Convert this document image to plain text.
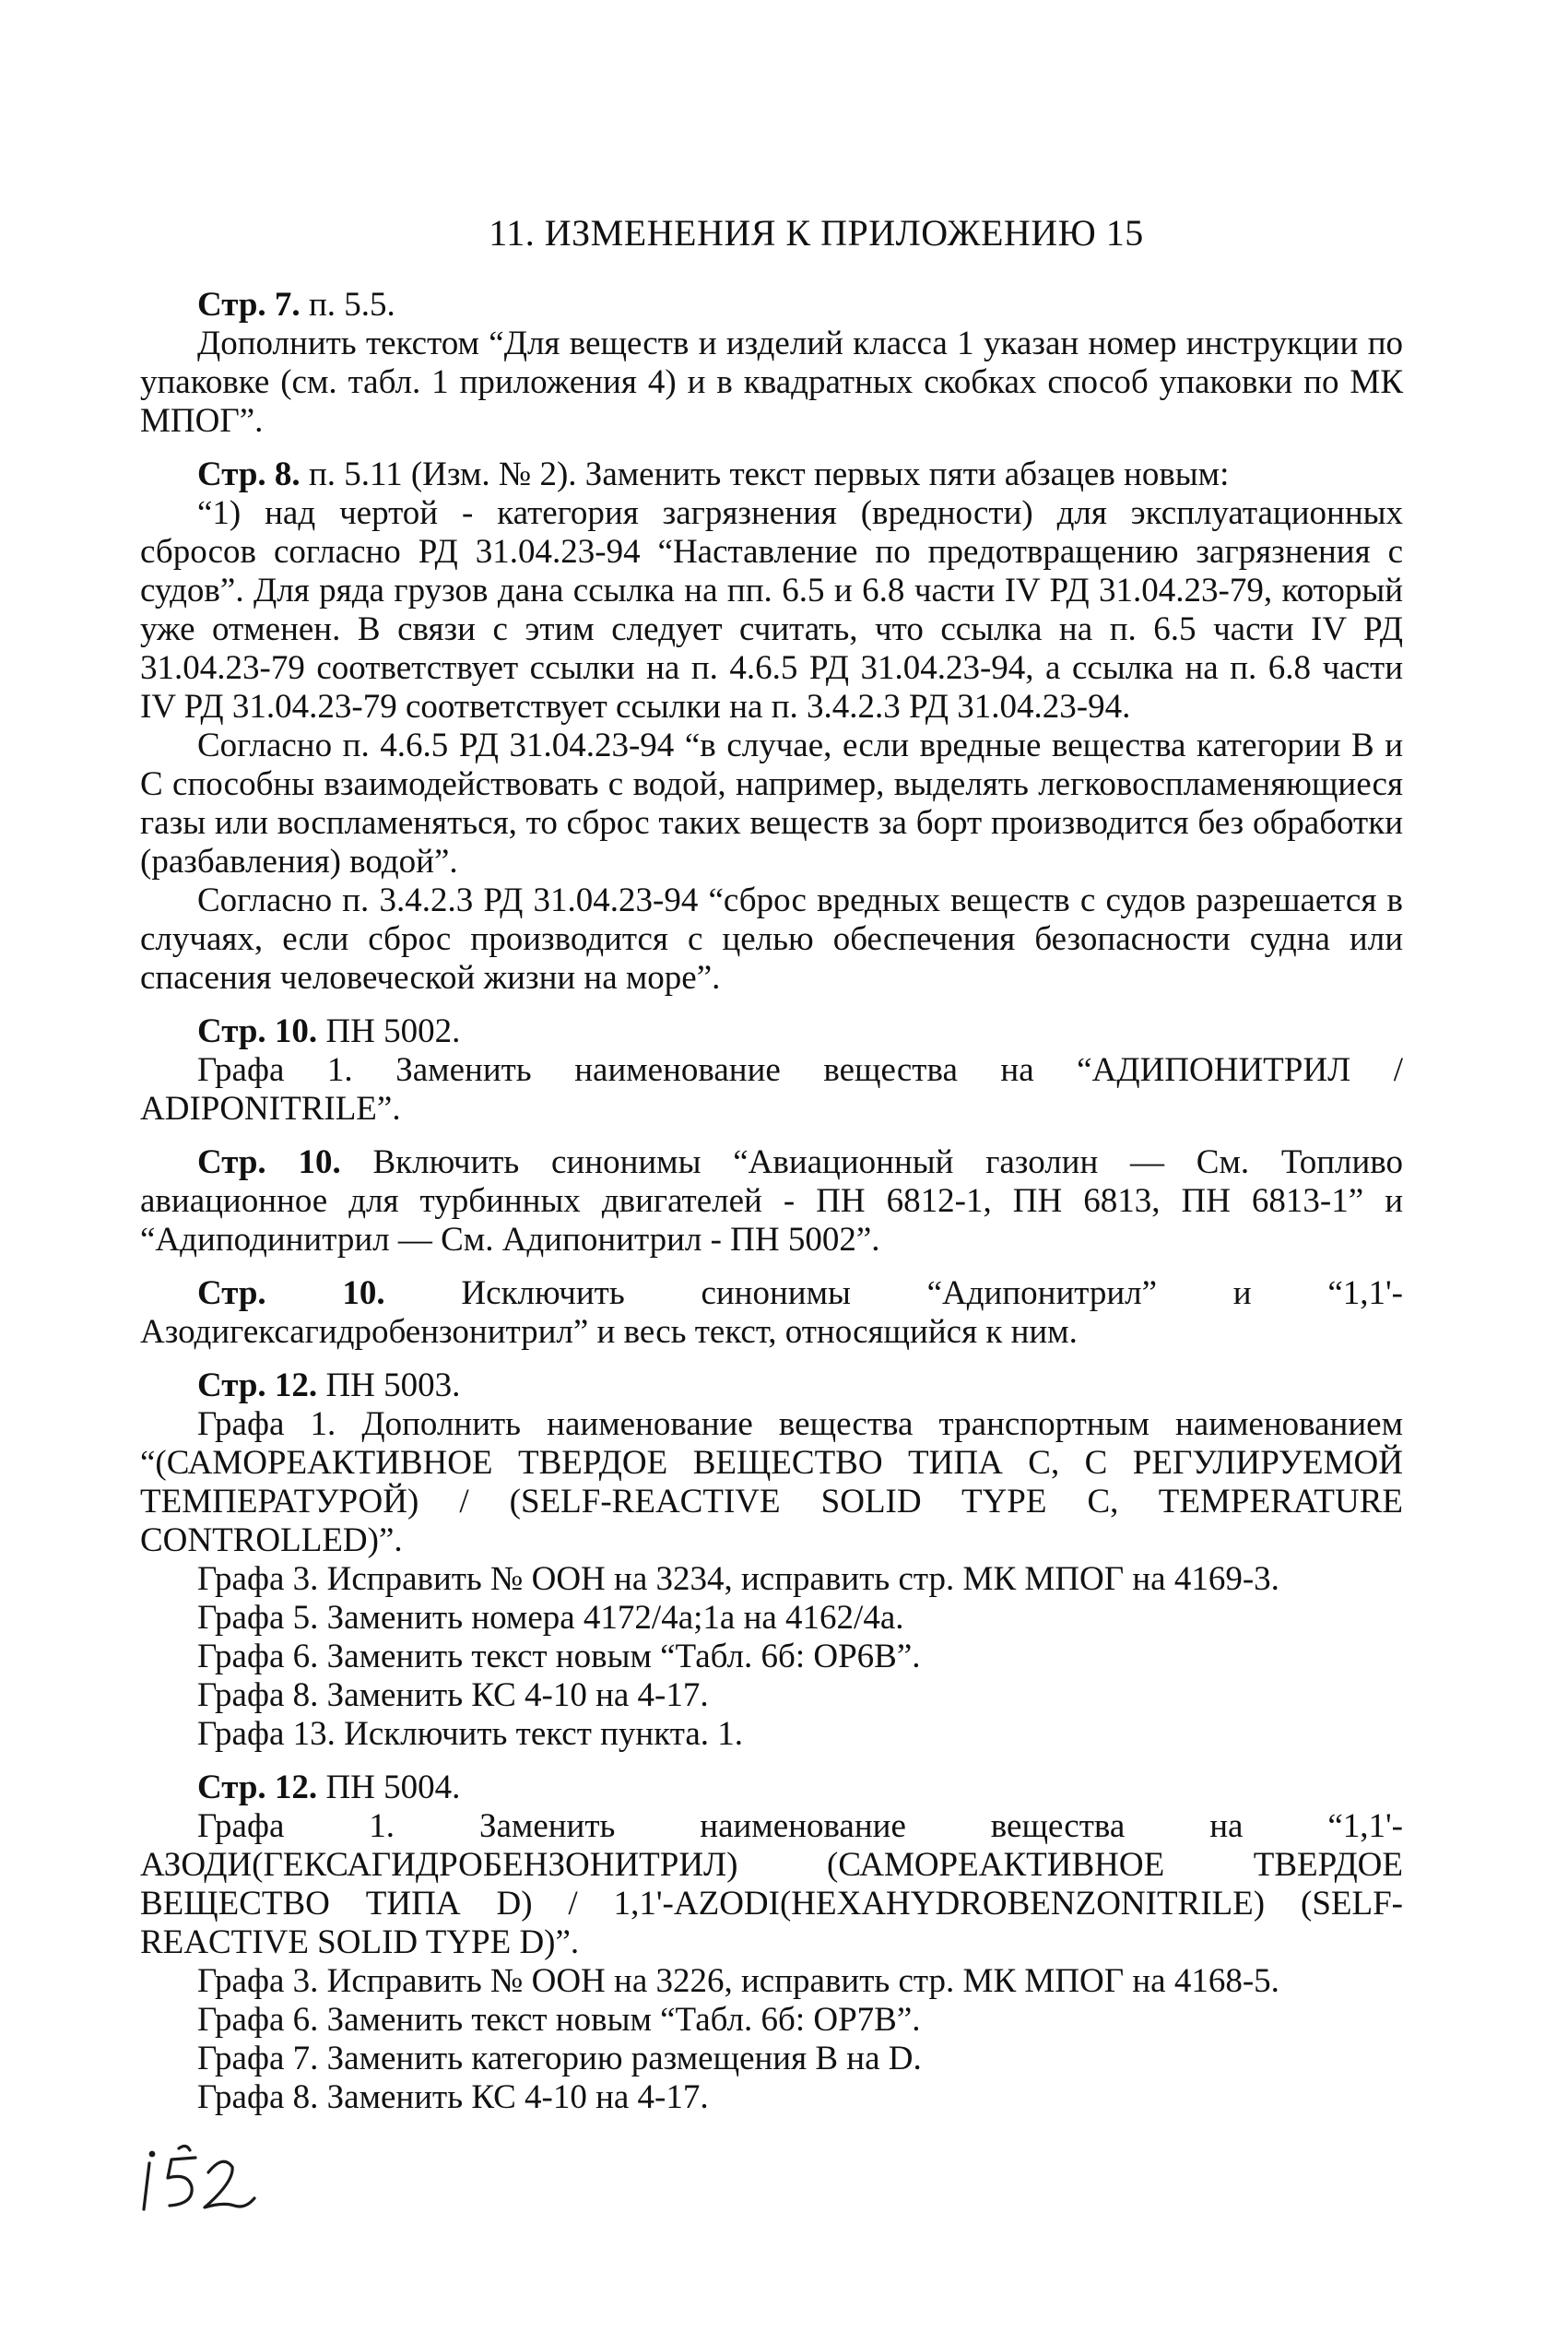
11. ИЗМЕНЕНИЯ К ПРИЛОЖЕНИЮ 15

Стр. 7. п. 5.5.

Дополнить текстом “Для веществ и изделий класса 1 указан номер инструкции по упаковке (см. табл. 1 приложения 4) и в квадратных скобках способ упаковки по МК МПОГ”.

Стр. 8. п. 5.11 (Изм. № 2). Заменить текст первых пяти абзацев новым:

“1) над чертой - категория загрязнения (вредности) для эксплуатационных сбросов согласно РД 31.04.23-94 “Наставление по предотвращению загрязнения с судов”. Для ряда грузов дана ссылка на пп. 6.5 и 6.8 части IV РД 31.04.23-79, который уже отменен. В связи с этим следует считать, что ссылка на п. 6.5 части IV РД 31.04.23-79 соответствует ссылки на п. 4.6.5 РД 31.04.23-94, а ссылка на п. 6.8 части IV РД 31.04.23-79 соответствует ссылки на п. 3.4.2.3 РД 31.04.23-94.

Согласно п. 4.6.5 РД 31.04.23-94 “в случае, если вредные вещества категории В и С способны взаимодействовать с водой, например, выделять легковоспламеняющиеся газы или воспламеняться, то сброс таких веществ за борт производится без обработки (разбавления) водой”.

Согласно п. 3.4.2.3 РД 31.04.23-94 “сброс вредных веществ с судов разрешается в случаях, если сброс производится с целью обеспечения безопасности судна или спасения человеческой жизни на море”.

Стр. 10. ПН 5002.

Графа 1. Заменить наименование вещества на “АДИПОНИТРИЛ / ADIPONITRILE”.

Стр. 10. Включить синонимы “Авиационный газолин — См. Топливо авиационное для турбинных двигателей - ПН 6812-1, ПН 6813, ПН 6813-1” и “Адиподинитрил — См. Адипонитрил - ПН 5002”.

Стр. 10. Исключить синонимы “Адипонитрил” и “1,1'-Азодигексагидробензонитрил” и весь текст, относящийся к ним.

Стр. 12. ПН 5003.

Графа 1. Дополнить наименование вещества транспортным наименованием “(САМОРЕАКТИВНОЕ ТВЕРДОЕ ВЕЩЕСТВО ТИПА С, С РЕГУЛИРУЕМОЙ ТЕМПЕРАТУРОЙ) / (SELF-REACTIVE SOLID TYPE C, TEMPERATURE CONTROLLED)”.

Графа 3. Исправить № ООН на 3234, исправить стр. МК МПОГ на 4169-3.

Графа 5. Заменить номера 4172/4а;1а на 4162/4а.

Графа 6. Заменить текст новым “Табл. 6б: ОР6В”.

Графа 8. Заменить КС 4-10 на 4-17.

Графа 13. Исключить текст пункта. 1.

Стр. 12. ПН 5004.

Графа 1. Заменить наименование вещества на “1,1'-АЗОДИ(ГЕКСАГИДРОБЕНЗОНИТРИЛ) (САМОРЕАКТИВНОЕ ТВЕРДОЕ ВЕЩЕСТВО ТИПА D) / 1,1'-AZODI(HEXAHYDROBENZONITRILE) (SELF-REACTIVE SOLID TYPE D)”.

Графа 3. Исправить № ООН на 3226, исправить стр. МК МПОГ на 4168-5.

Графа 6. Заменить текст новым “Табл. 6б: ОР7В”.

Графа 7. Заменить категорию размещения В на D.

Графа 8. Заменить КС 4-10 на 4-17.
